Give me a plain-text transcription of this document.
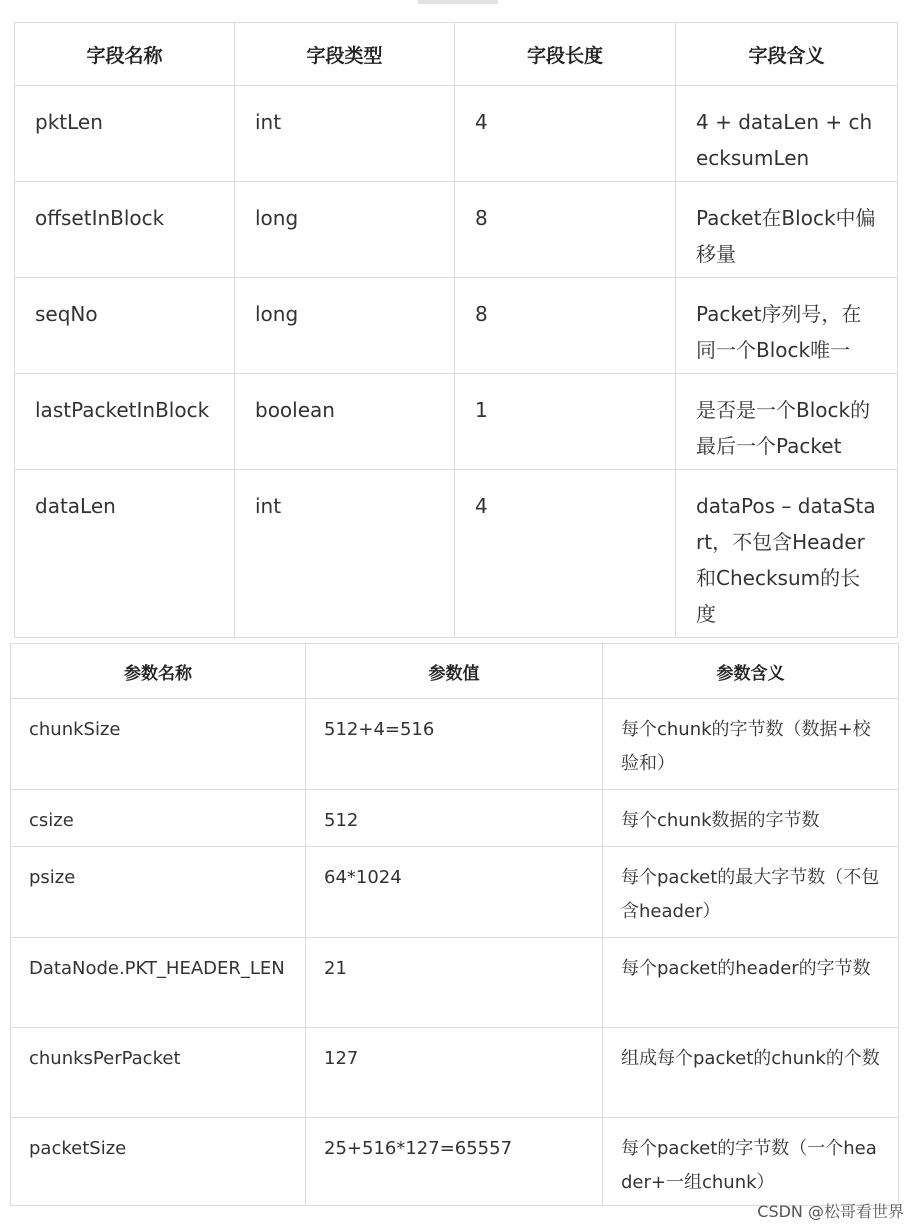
字段名称	字段类型	字段长度	字段含义
pktLen	int	4	4 + dataLen + checksumLen
offsetInBlock	long	8	Packet在Block中偏移量
seqNo	long	8	Packet序列号，在同一个Block唯一
lastPacketInBlock	boolean	1	是否是一个Block的最后一个Packet
dataLen	int	4	dataPos – dataStart，不包含Header和Checksum的长度
参数名称	参数值	参数含义
chunkSize	512+4=516	每个chunk的字节数（数据+校验和）
csize	512	每个chunk数据的字节数
psize	64*1024	每个packet的最大字节数（不包含header）
DataNode.PKT_HEADER_LEN	21	每个packet的header的字节数
chunksPerPacket	127	组成每个packet的chunk的个数
packetSize	25+516*127=65557	每个packet的字节数（一个header+一组chunk）
CSDN @松哥看世界
